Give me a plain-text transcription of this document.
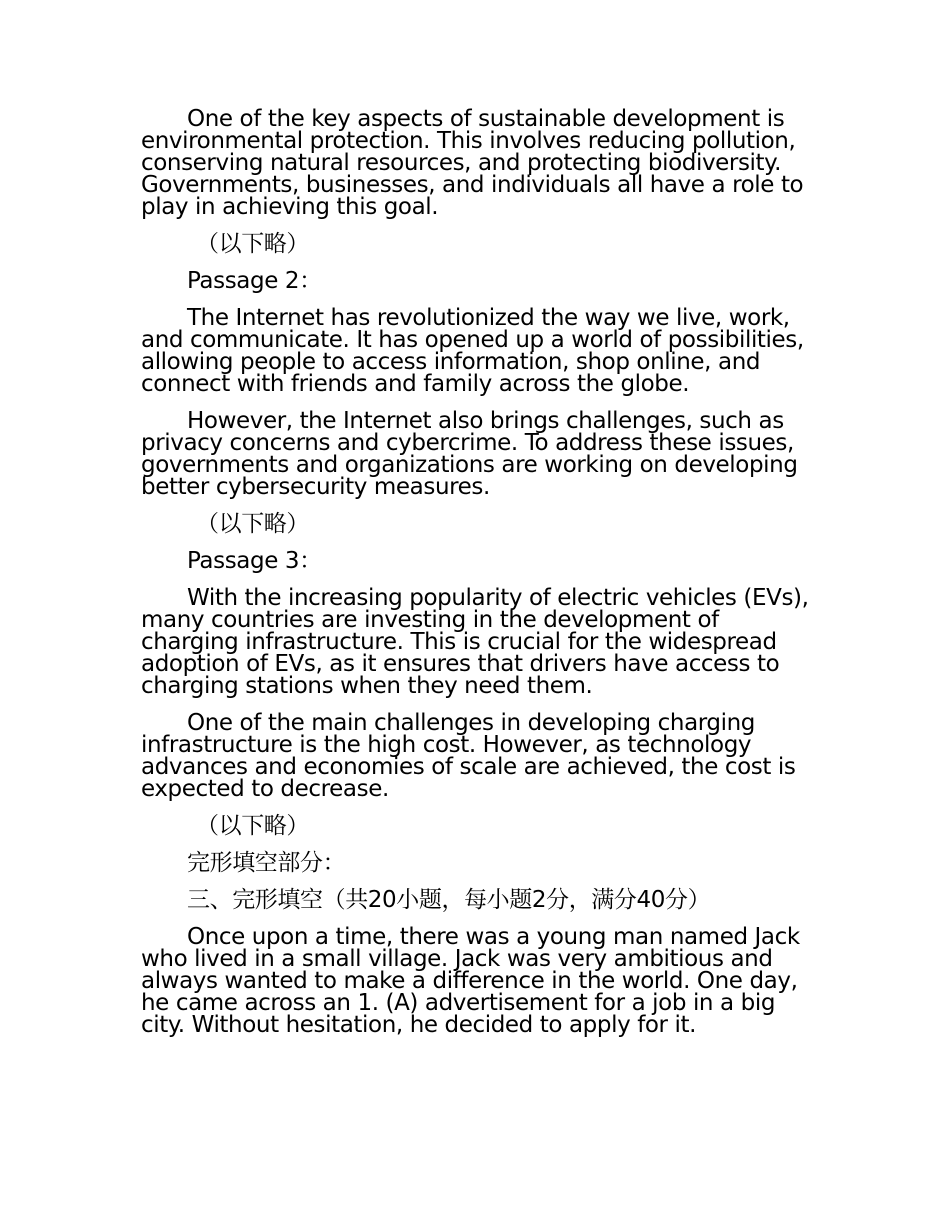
One of the key aspects of sustainable development is environmental protection. This involves reducing pollution, conserving natural resources, and protecting biodiversity. Governments, businesses, and individuals all have a role to play in achieving this goal.

（以下略）

Passage 2：

The Internet has revolutionized the way we live, work, and communicate. It has opened up a world of possibilities, allowing people to access information, shop online, and connect with friends and family across the globe.

However, the Internet also brings challenges, such as privacy concerns and cybercrime. To address these issues, governments and organizations are working on developing better cybersecurity measures.

（以下略）

Passage 3：

With the increasing popularity of electric vehicles (EVs), many countries are investing in the development of charging infrastructure. This is crucial for the widespread adoption of EVs, as it ensures that drivers have access to charging stations when they need them.

One of the main challenges in developing charging infrastructure is the high cost. However, as technology advances and economies of scale are achieved, the cost is expected to decrease.

（以下略）

完形填空部分：

三、完形填空（共20小题，每小题2分，满分40分）

Once upon a time, there was a young man named Jack who lived in a small village. Jack was very ambitious and always wanted to make a difference in the world. One day, he came across an 1. (A) advertisement for a job in a big city. Without hesitation, he decided to apply for it.
